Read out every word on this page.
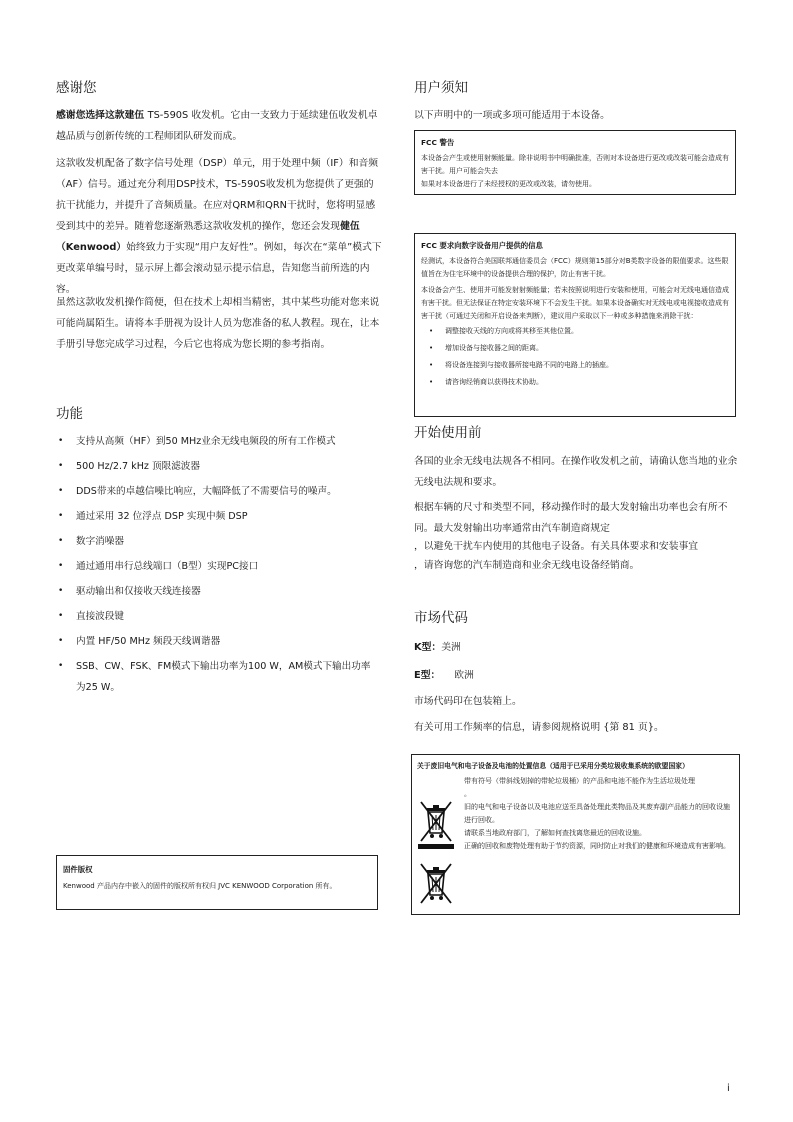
感谢您

感谢您选择这款建伍 TS-590S 收发机。它由一支致力于延续建伍收发机卓越品质与创新传统的工程师团队研发而成。

这款收发机配备了数字信号处理（DSP）单元，用于处理中频（IF）和音频（AF）信号。通过充分利用DSP技术，TS-590S收发机为您提供了更强的抗干扰能力，并提升了音频质量。在应对QRM和QRN干扰时，您将明显感受到其中的差异。随着您逐渐熟悉这款收发机的操作，您还会发现健伍（Kenwood）始终致力于实现“用户友好性”。例如，每次在“菜单”模式下更改菜单编号时，显示屏上都会滚动显示提示信息，告知您当前所选的内容。

虽然这款收发机操作简便，但在技术上却相当精密，其中某些功能对您来说可能尚属陌生。请将本手册视为设计人员为您准备的私人教程。现在，让本手册引导您完成学习过程，今后它也将成为您长期的参考指南。

功能
• 支持从高频（HF）到50 MHz业余无线电频段的所有工作模式
• 500 Hz/2.7 kHz 顶限滤波器
• DDS带来的卓越信噪比响应，大幅降低了不需要信号的噪声。
• 通过采用 32 位浮点 DSP 实现中频 DSP
• 数字消噪器
• 通过通用串行总线端口（B型）实现PC接口
• 驱动输出和仅接收天线连接器
• 直接波段键
• 内置 HF/50 MHz 频段天线调谐器
• SSB、CW、FSK、FM模式下输出功率为100 W，AM模式下输出功率为25 W。

固件版权

Kenwood 产品内存中嵌入的固件的版权所有权归 JVC KENWOOD Corporation 所有。

用户须知

以下声明中的一项或多项可能适用于本设备。

FCC 警告

本设备会产生或使用射频能量。除非说明书中明确批准，否则对本设备进行更改或改装可能会造成有害干扰。用户可能会失去

如果对本设备进行了未经授权的更改或改装，请勿使用。

FCC 要求向数字设备用户提供的信息

经测试，本设备符合美国联邦通信委员会（FCC）规则第15部分对B类数字设备的限值要求。这些限值旨在为住宅环境中的设备提供合理的保护，防止有害干扰。

本设备会产生、使用并可能发射射频能量；若未按照说明进行安装和使用，可能会对无线电通信造成有害干扰。但无法保证在特定安装环境下不会发生干扰。如果本设备确实对无线电或电视接收造成有害干扰（可通过关闭和开启设备来判断），建议用户采取以下一种或多种措施来消除干扰：

• 调整接收天线的方向或将其移至其他位置。
• 增加设备与接收器之间的距离。
• 将设备连接到与接收器所接电路不同的电路上的插座。
• 请咨询经销商以获得技术协助。
开始使用前

各国的业余无线电法规各不相同。在操作收发机之前，请确认您当地的业余无线电法规和要求。

根据车辆的尺寸和类型不同，移动操作时的最大发射输出功率也会有所不同。最大发射输出功率通常由汽车制造商规定

，以避免干扰车内使用的其他电子设备。有关具体要求和安装事宜

，请咨询您的汽车制造商和业余无线电设备经销商。

市场代码

K型：美洲

E型： 欧洲

市场代码印在包装箱上。

有关可用工作频率的信息，请参阅规格说明 {第 81 页}。

关于废旧电气和电子设备及电池的处置信息（适用于已采用分类垃圾收集系统的欧盟国家）

带有符号（带斜线划掉的带轮垃圾桶）的产品和电池不能作为生活垃圾处理

。

旧的电气和电子设备以及电池应送至具备处理此类物品及其废弃副产品能力的回收设施进行回收。

请联系当地政府部门，了解如何查找离您最近的回收设施。

正确的回收和废物处理有助于节约资源，同时防止对我们的健康和环境造成有害影响。

i
